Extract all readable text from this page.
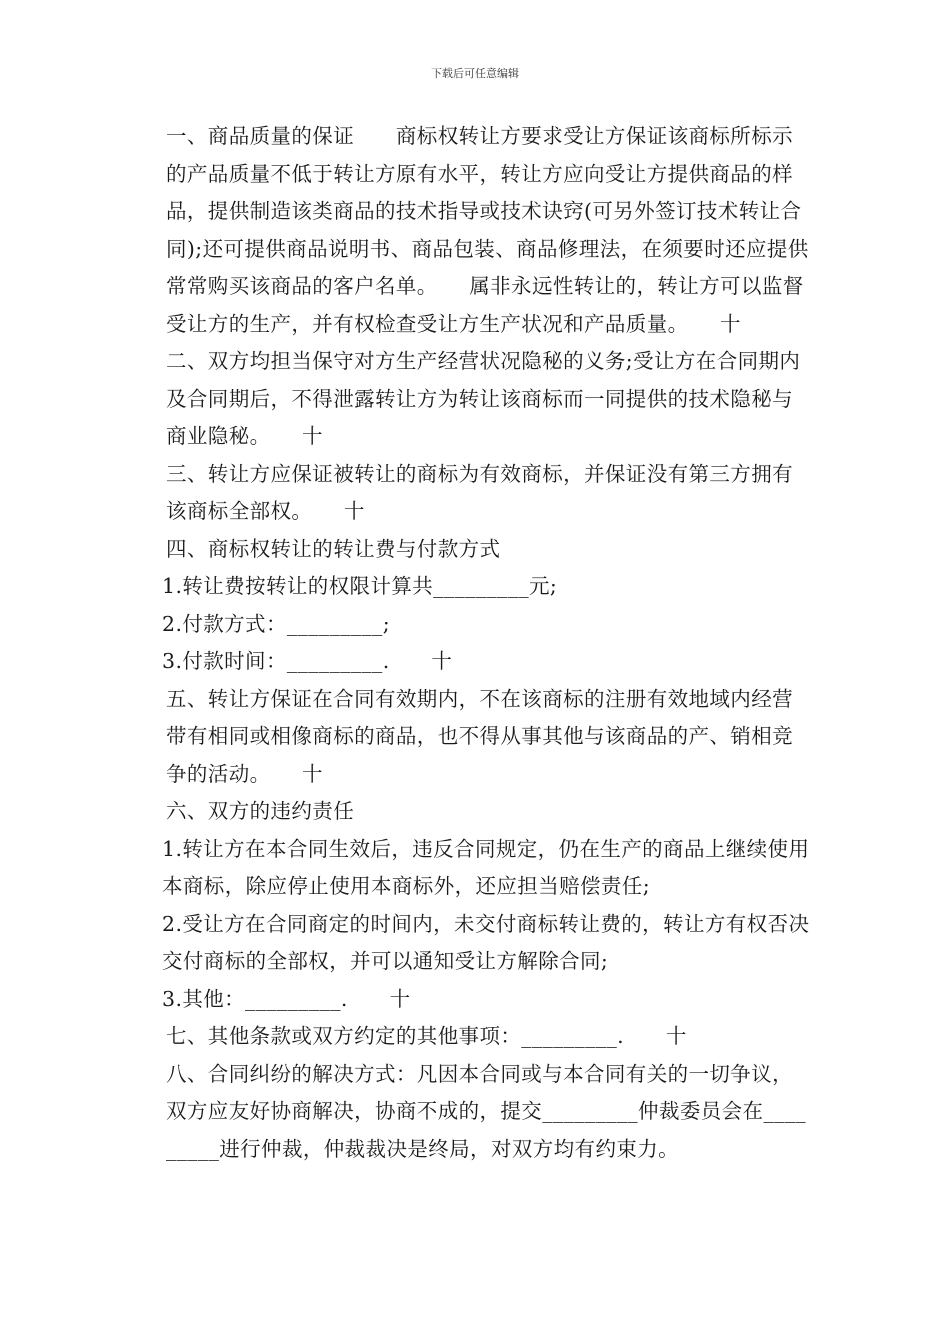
下载后可任意编辑

一、商品质量的保证　　商标权转让方要求受让方保证该商标所标示的产品质量不低于转让方原有水平，转让方应向受让方提供商品的样品，提供制造该类商品的技术指导或技术诀窍(可另外签订技术转让合同);还可提供商品说明书、商品包装、商品修理法，在须要时还应提供常常购买该商品的客户名单。　　属非永远性转让的，转让方可以监督受让方的生产，并有权检查受让方生产状况和产品质量。　　十

二、双方均担当保守对方生产经营状况隐秘的义务;受让方在合同期内及合同期后，不得泄露转让方为转让该商标而一同提供的技术隐秘与商业隐秘。　　十

三、转让方应保证被转让的商标为有效商标，并保证没有第三方拥有该商标全部权。　　十

四、商标权转让的转让费与付款方式

1.转让费按转让的权限计算共_________元;

2.付款方式：_________;

3.付款时间：_________.　　十

五、转让方保证在合同有效期内，不在该商标的注册有效地域内经营带有相同或相像商标的商品，也不得从事其他与该商品的产、销相竞争的活动。　　十

六、双方的违约责任

1.转让方在本合同生效后，违反合同规定，仍在生产的商品上继续使用本商标，除应停止使用本商标外，还应担当赔偿责任;

2.受让方在合同商定的时间内，未交付商标转让费的，转让方有权否决交付商标的全部权，并可以通知受让方解除合同;

3.其他：_________.　　十

七、其他条款或双方约定的其他事项：_________.　　十

八、合同纠纷的解决方式：凡因本合同或与本合同有关的一切争议，双方应友好协商解决，协商不成的，提交_________仲裁委员会在_________进行仲裁，仲裁裁决是终局，对双方均有约束力。
